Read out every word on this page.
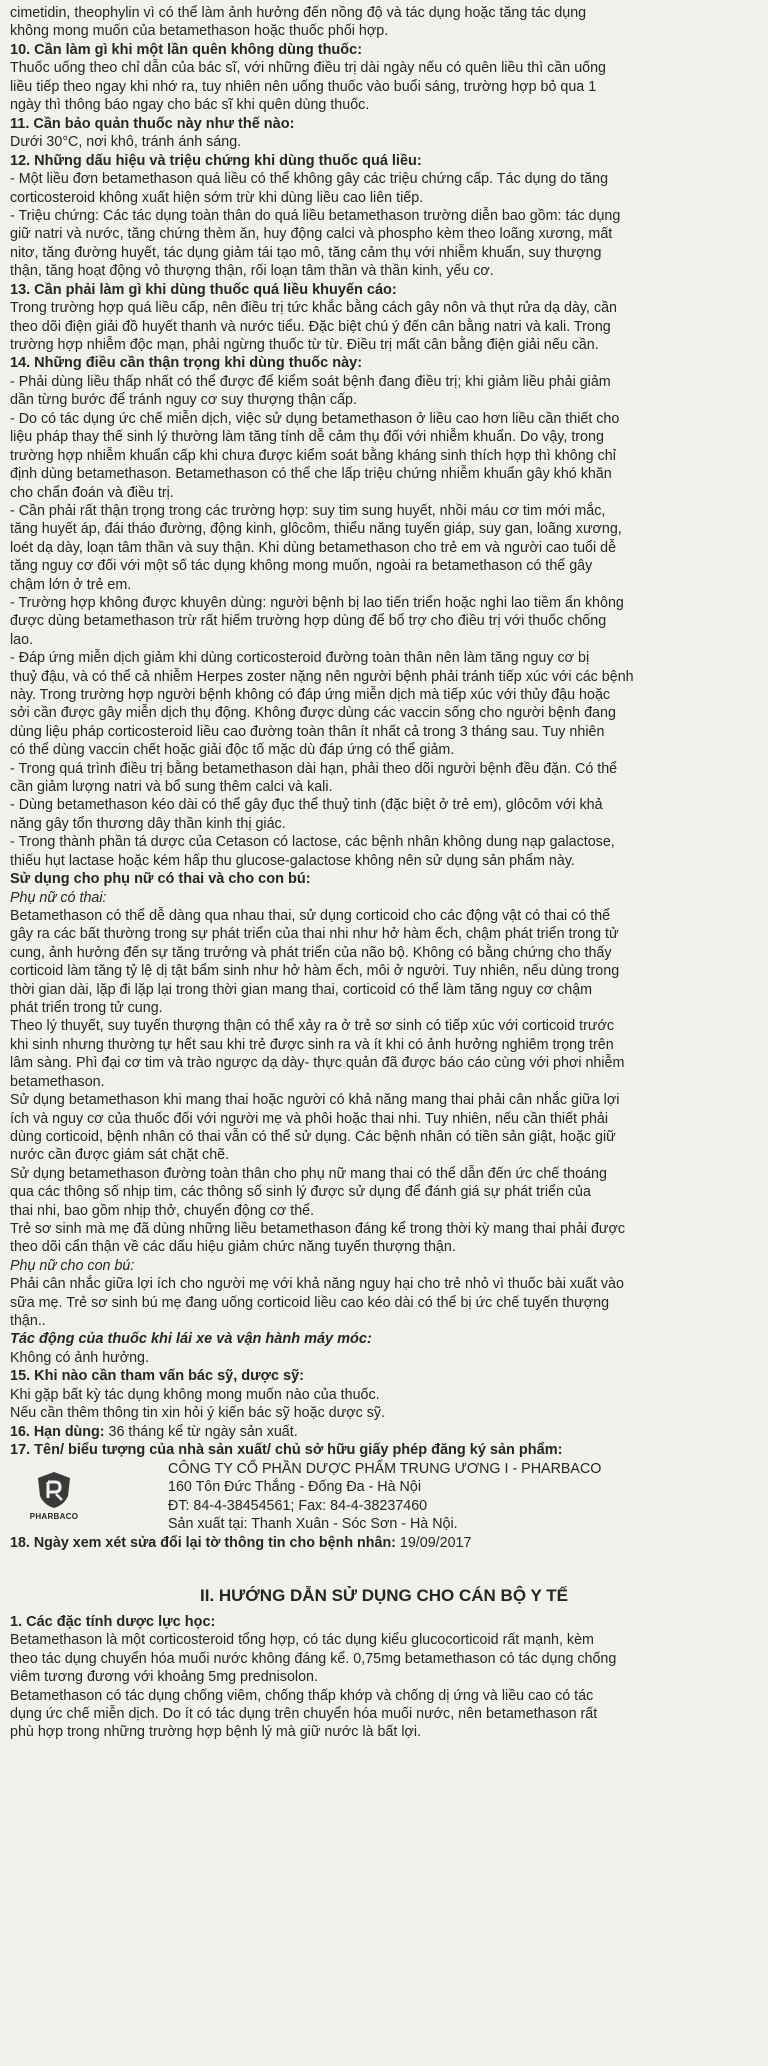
cimetidin, theophylin vì có thể làm ảnh hưởng đến nồng độ và tác dụng hoặc tăng tác dụng

không mong muốn của betamethason hoặc thuốc phối hợp.

10. Cần làm gì khi một lần quên không dùng thuốc:

Thuốc uống theo chỉ dẫn của bác sĩ, với những điều trị dài ngày nếu có quên liều thì cần uống

liều tiếp theo ngay khi nhớ ra, tuy nhiên nên uống thuốc vào buổi sáng, trường hợp bỏ qua 1

ngày thì thông báo ngay cho bác sĩ khi quên dùng thuốc.

11. Cần bảo quản thuốc này như thế nào:

Dưới 30°C, nơi khô, tránh ánh sáng.

12. Những dấu hiệu và triệu chứng khi dùng thuốc quá liều:

- Một liều đơn betamethason quá liều có thể không gây các triệu chứng cấp. Tác dụng do tăng

corticosteroid không xuất hiện sớm trừ khi dùng liều cao liên tiếp.

- Triệu chứng: Các tác dụng toàn thân do quá liều betamethason trường diễn bao gồm: tác dụng

giữ natri và nước, tăng chứng thèm ăn, huy động calci và phospho kèm theo loãng xương, mất

nitơ, tăng đường huyết, tác dụng giảm tái tạo mô, tăng cảm thụ với nhiễm khuẩn, suy thượng

thận, tăng hoạt động vỏ thượng thận, rối loạn tâm thần và thần kinh, yếu cơ.

13. Cần phải làm gì khi dùng thuốc quá liều khuyến cáo:

Trong trường hợp quá liều cấp, nên điều trị tức khắc bằng cách gây nôn và thụt rửa dạ dày, cần

theo dõi điện giải đồ huyết thanh và nước tiểu. Đặc biệt chú ý đến cân bằng natri và kali. Trong

trường hợp nhiễm độc mạn, phải ngừng thuốc từ từ. Điều trị mất cân bằng điện giải nếu cần.

14. Những điều cần thận trọng khi dùng thuốc này:

- Phải dùng liều thấp nhất có thể được để kiểm soát bệnh đang điều trị; khi giảm liều phải giảm

dần từng bước để tránh nguy cơ suy thượng thận cấp.

- Do có tác dụng ức chế miễn dịch, việc sử dụng betamethason ở liều cao hơn liều cần thiết cho

liệu pháp thay thế sinh lý thường làm tăng tính dễ cảm thụ đối với nhiễm khuẩn. Do vậy, trong

trường hợp nhiễm khuẩn cấp khi chưa được kiểm soát bằng kháng sinh thích hợp thì không chỉ

định dùng betamethason. Betamethason có thể che lấp triệu chứng nhiễm khuẩn gây khó khăn

cho chẩn đoán và điều trị.

- Cần phải rất thận trọng trong các trường hợp: suy tim sung huyết, nhồi máu cơ tim mới mắc,

tăng huyết áp, đái tháo đường, động kinh, glôcôm, thiểu năng tuyến giáp, suy gan, loãng xương,

loét dạ dày, loạn tâm thần và suy thận. Khi dùng betamethason cho trẻ em và người cao tuổi dễ

tăng nguy cơ đối với một số tác dụng không mong muốn, ngoài ra betamethason có thể gây

chậm lớn ở trẻ em.

- Trường hợp không được khuyên dùng: người bệnh bị lao tiến triển hoặc nghi lao tiềm ẩn không

được dùng betamethason trừ rất hiếm trường hợp dùng để bổ trợ cho điều trị với thuốc chống

lao.

- Đáp ứng miễn dịch giảm khi dùng corticosteroid đường toàn thân nên làm tăng nguy cơ bị

thuỷ đậu, và có thể cả nhiễm Herpes zoster nặng nên người bệnh phải tránh tiếp xúc với các bệnh

này. Trong trường hợp người bệnh không có đáp ứng miễn dịch mà tiếp xúc với thủy đậu hoặc

sởi cần được gây miễn dịch thụ động. Không được dùng các vaccin sống cho người bệnh đang

dùng liệu pháp corticosteroid liều cao đường toàn thân ít nhất cả trong 3 tháng sau. Tuy nhiên

có thể dùng vaccin chết hoặc giải độc tố mặc dù đáp ứng có thể giảm.

- Trong quá trình điều trị bằng betamethason dài hạn, phải theo dõi người bệnh đều đặn. Có thể

cần giảm lượng natri và bổ sung thêm calci và kali.

- Dùng betamethason kéo dài có thể gây đục thể thuỷ tinh (đặc biệt ở trẻ em), glôcôm với khả

năng gây tổn thương dây thần kinh thị giác.

- Trong thành phần tá dược của Cetason có lactose, các bệnh nhân không dung nạp galactose,

thiếu hụt lactase hoặc kém hấp thu glucose-galactose không nên sử dụng sản phẩm này.

Sử dụng cho phụ nữ có thai và cho con bú:

Phụ nữ có thai:

Betamethason có thể dễ dàng qua nhau thai, sử dụng corticoid cho các động vật có thai có thể

gây ra các bất thường trong sự phát triển của thai nhi như hở hàm ếch, chậm phát triển trong tử

cung, ảnh hưởng đến sự tăng trưởng và phát triển của não bộ. Không có bằng chứng cho thấy

corticoid làm tăng tỷ lệ dị tật bẩm sinh như hở hàm ếch, môi ở người. Tuy nhiên, nếu dùng trong

thời gian dài, lặp đi lặp lại trong thời gian mang thai, corticoid có thể làm tăng nguy cơ chậm

phát triển trong tử cung.

Theo lý thuyết, suy tuyến thượng thận có thể xảy ra ở trẻ sơ sinh có tiếp xúc với corticoid trước

khi sinh nhưng thường tự hết sau khi trẻ được sinh ra và ít khi có ảnh hưởng nghiêm trọng trên

lâm sàng. Phì đại cơ tim và trào ngược dạ dày- thực quản đã được báo cáo cùng với phơi nhiễm

betamethason.

Sử dụng betamethason khi mang thai hoặc người có khả năng mang thai phải cân nhắc giữa lợi

ích và nguy cơ của thuốc đối với người mẹ và phôi hoặc thai nhi. Tuy nhiên, nếu cần thiết phải

dùng corticoid, bệnh nhân có thai vẫn có thể sử dụng. Các bệnh nhân có tiền sản giật, hoặc giữ

nước cần được giám sát chặt chẽ.

Sử dụng betamethason đường toàn thân cho phụ nữ mang thai có thể dẫn đến ức chế thoáng

qua các thông số nhịp tim, các thông số sinh lý được sử dụng để đánh giá sự phát triển của

thai nhi, bao gồm nhịp thở, chuyển động cơ thể.

Trẻ sơ sinh mà mẹ đã dùng những liều betamethason đáng kể trong thời kỳ mang thai phải được

theo dõi cẩn thận về các dấu hiệu giảm chức năng tuyến thượng thận.

Phụ nữ cho con bú:

Phải cân nhắc giữa lợi ích cho người mẹ với khả năng nguy hại cho trẻ nhỏ vì thuốc bài xuất vào

sữa mẹ. Trẻ sơ sinh bú mẹ đang uống corticoid liều cao kéo dài có thể bị ức chế tuyến thượng

thận..

Tác động của thuốc khi lái xe và vận hành máy móc:

Không có ảnh hưởng.

15. Khi nào cần tham vấn bác sỹ, dược sỹ:

Khi gặp bất kỳ tác dụng không mong muốn nào của thuốc.

Nếu cần thêm thông tin xin hỏi ý kiến bác sỹ hoặc dược sỹ.

16. Hạn dùng: 36 tháng kể từ ngày sản xuất.

17. Tên/ biểu tượng của nhà sản xuất/ chủ sở hữu giấy phép đăng ký sản phẩm:

PHARBACO

CÔNG TY CỔ PHẦN DƯỢC PHẨM TRUNG ƯƠNG I - PHARBACO

160 Tôn Đức Thắng - Đống Đa - Hà Nội

ĐT: 84-4-38454561; Fax: 84-4-38237460

Sản xuất tại: Thanh Xuân - Sóc Sơn - Hà Nội.

18. Ngày xem xét sửa đổi lại tờ thông tin cho bệnh nhân: 19/09/2017

II. HƯỚNG DẪN SỬ DỤNG CHO CÁN BỘ Y TẾ

1. Các đặc tính dược lực học:

Betamethason là một corticosteroid tổng hợp, có tác dụng kiểu glucocorticoid rất mạnh, kèm

theo tác dụng chuyển hóa muối nước không đáng kể. 0,75mg betamethason có tác dụng chống

viêm tương đương với khoảng 5mg prednisolon.

Betamethason có tác dụng chống viêm, chống thấp khớp và chống dị ứng và liều cao có tác

dụng ức chế miễn dịch. Do ít có tác dụng trên chuyển hóa muối nước, nên betamethason rất

phù hợp trong những trường hợp bệnh lý mà giữ nước là bất lợi.
